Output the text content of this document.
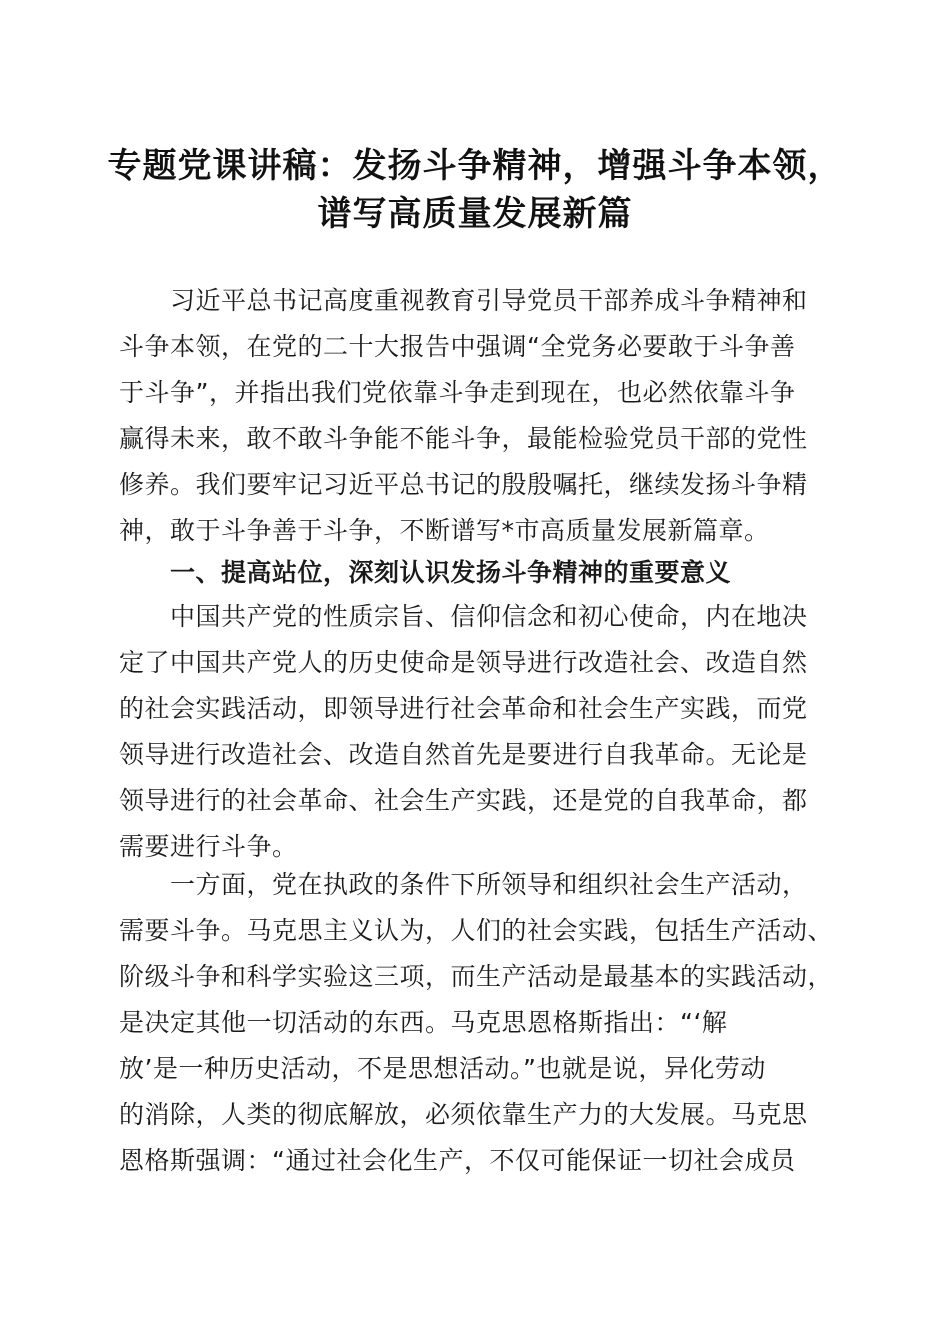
专题党课讲稿：发扬斗争精神，增强斗争本领，
谱写高质量发展新篇
习近平总书记高度重视教育引导党员干部养成斗争精神和
斗争本领，在党的二十大报告中强调“全党务必要敢于斗争善
于斗争”，并指出我们党依靠斗争走到现在，也必然依靠斗争
赢得未来，敢不敢斗争能不能斗争，最能检验党员干部的党性
修养。我们要牢记习近平总书记的殷殷嘱托，继续发扬斗争精
神，敢于斗争善于斗争，不断谱写*市高质量发展新篇章。
一、提高站位，深刻认识发扬斗争精神的重要意义
中国共产党的性质宗旨、信仰信念和初心使命，内在地决
定了中国共产党人的历史使命是领导进行改造社会、改造自然
的社会实践活动，即领导进行社会革命和社会生产实践，而党
领导进行改造社会、改造自然首先是要进行自我革命。无论是
领导进行的社会革命、社会生产实践，还是党的自我革命，都
需要进行斗争。
一方面，党在执政的条件下所领导和组织社会生产活动，
需要斗争。马克思主义认为，人们的社会实践，包括生产活动、
阶级斗争和科学实验这三项，而生产活动是最基本的实践活动，
是决定其他一切活动的东西。马克思恩格斯指出：“‘解
放’是一种历史活动，不是思想活动。”也就是说，异化劳动
的消除，人类的彻底解放，必须依靠生产力的大发展。马克思
恩格斯强调：“通过社会化生产，不仅可能保证一切社会成员
